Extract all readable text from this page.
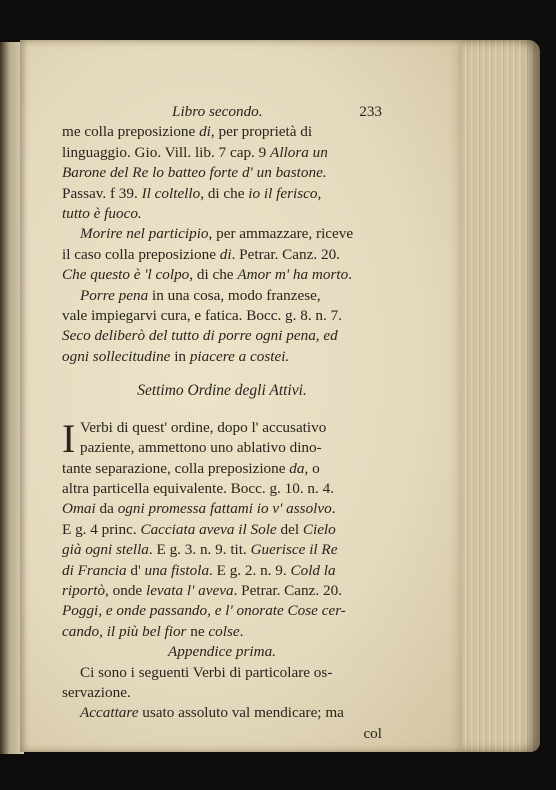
Libro secondo.	233
me colla preposizione di, per proprietà di
linguaggio. Gio. Vill. lib. 7 cap. 9 Allora un
Barone del Re lo batteo forte d' un bastone.
Passav. f 39. Il coltello, di che io il ferisco,
tutto è fuoco.
Morire nel participio, per ammazzare, riceve
il caso colla preposizione di. Petrar. Canz. 20.
Che questo è 'l colpo, di che Amor m' ha morto.
Porre pena in una cosa, modo franzese,
vale impiegarvi cura, e fatica. Bocc. g. 8. n. 7.
Seco deliberò del tutto di porre ogni pena, ed
ogni sollecitudine in piacere a costei.
Settimo Ordine degli Attivi.
I Verbi di quest' ordine, dopo l' accusativo
paziente, ammettono uno ablativo dino-
tante separazione, colla preposizione da, o
altra particella equivalente. Bocc. g. 10. n. 4.
Omai da ogni promessa fattami io v' assolvo.
E g. 4 princ. Cacciata aveva il Sole del Cielo
già ogni stella. E g. 3. n. 9. tit. Guerisce il Re
di Francia d' una fistola. E g. 2. n. 9. Cold la
riportò, onde levata l' aveva. Petrar. Canz. 20.
Poggi, e onde passando, e l' onorate Cose cer-
cando, il più bel fior ne colse.
Appendice prima.
Ci sono i seguenti Verbi di particolare os-
servazione.
Accattare usato assoluto val mendicare; ma
col
